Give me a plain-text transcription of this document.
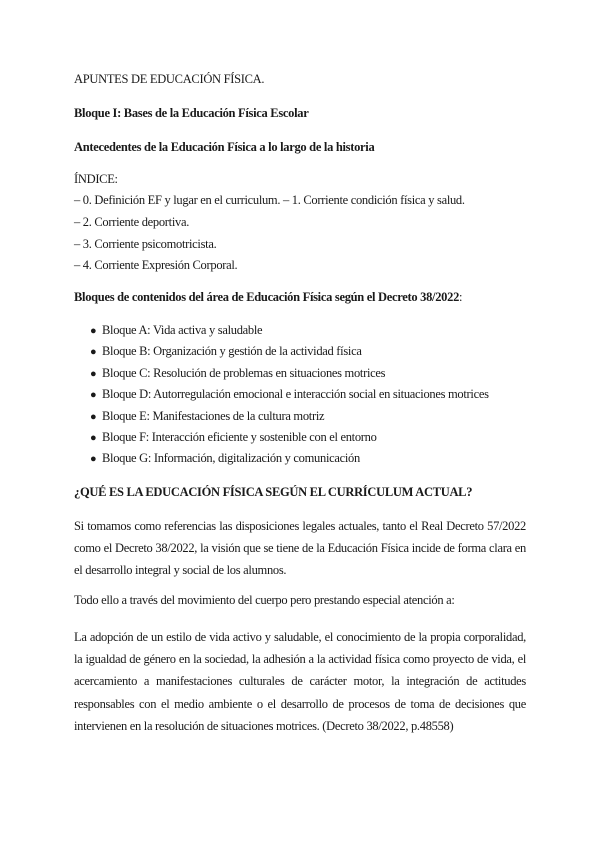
APUNTES DE EDUCACIÓN FÍSICA.
Bloque I: Bases de la Educación Física Escolar
Antecedentes de la Educación Física a lo largo de la historia
ÍNDICE:
– 0. Definición EF y lugar en el curriculum. – 1. Corriente condición física y salud.
– 2. Corriente deportiva.
– 3. Corriente psicomotricista.
– 4. Corriente Expresión Corporal.
Bloques de contenidos del área de Educación Física según el Decreto 38/2022:
● Bloque A: Vida activa y saludable
● Bloque B: Organización y gestión de la actividad física
● Bloque C: Resolución de problemas en situaciones motrices
● Bloque D: Autorregulación emocional e interacción social en situaciones motrices
● Bloque E: Manifestaciones de la cultura motriz
● Bloque F: Interacción eficiente y sostenible con el entorno
● Bloque G: Información, digitalización y comunicación
¿QUÉ ES LA EDUCACIÓN FÍSICA SEGÚN EL CURRÍCULUM ACTUAL?
Si tomamos como referencias las disposiciones legales actuales, tanto el Real Decreto 57/2022 como el Decreto 38/2022, la visión que se tiene de la Educación Física incide de forma clara en el desarrollo integral y social de los alumnos.
Todo ello a través del movimiento del cuerpo pero prestando especial atención a:
La adopción de un estilo de vida activo y saludable, el conocimiento de la propia corporalidad, la igualdad de género en la sociedad, la adhesión a la actividad física como proyecto de vida, el acercamiento a manifestaciones culturales de carácter motor, la integración de actitudes responsables con el medio ambiente o el desarrollo de procesos de toma de decisiones que intervienen en la resolución de situaciones motrices. (Decreto 38/2022, p.48558)
